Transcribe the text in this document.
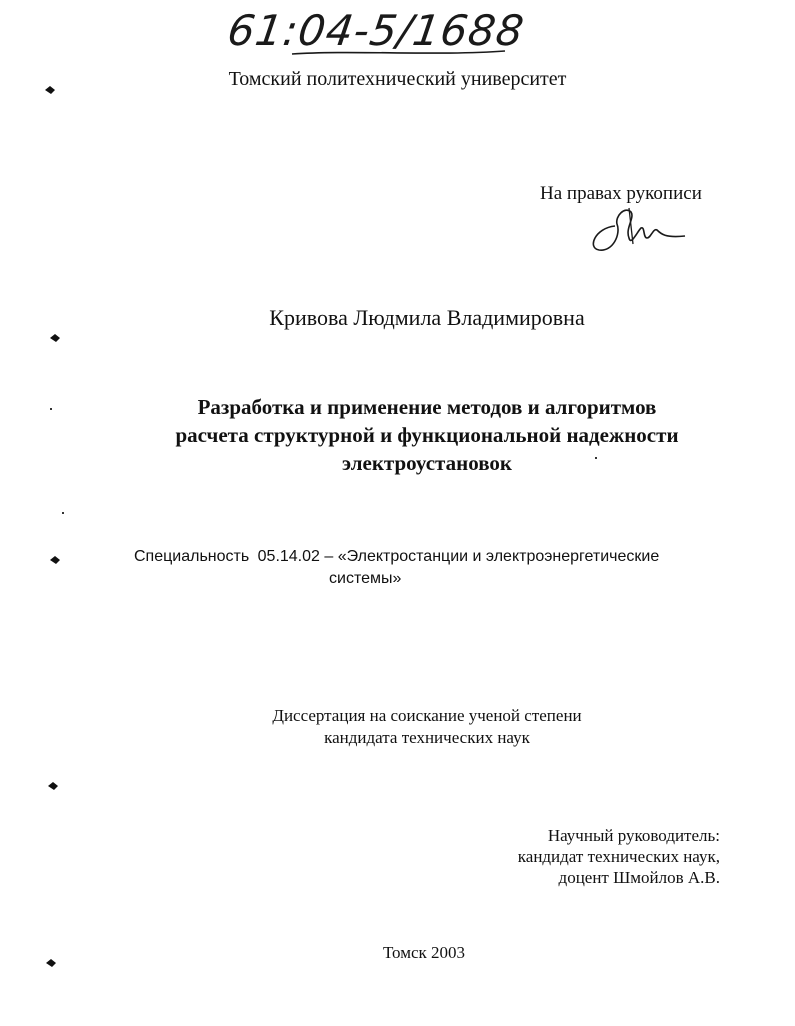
61:04-5/1688
Томский политехнический университет
На правах рукописи
Кривова Людмила Владимировна
Разработка и применение методов и алгоритмов
расчета структурной и функциональной надежности
электроустановок
Специальность 05.14.02 – «Электростанции и электроэнергетические
системы»
Диссертация на соискание ученой степени
кандидата технических наук
Научный руководитель:
кандидат технических наук,
доцент Шмойлов А.В.
Томск 2003
